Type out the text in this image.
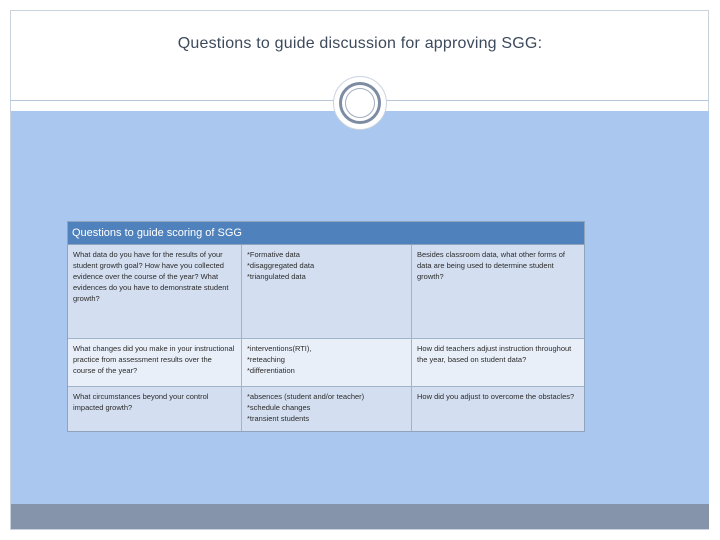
Questions to guide discussion for approving SGG:
Questions to guide scoring of SGG
What data do you have for the results of your student growth goal? How have you collected evidence over the course of the year? What evidences do you have to demonstrate student growth?
*Formative data
*disaggregated data
*triangulated data
Besides classroom data, what other forms of data are being used to determine student growth?
What changes did you make in your instructional practice from assessment results over the course of the year?
*interventions(RTI),
*reteaching
*differentiation
How did teachers adjust instruction throughout the year, based on student data?
What circumstances beyond your control impacted growth?
*absences (student and/or teacher)
*schedule changes
*transient students
How did you adjust to overcome the obstacles?
